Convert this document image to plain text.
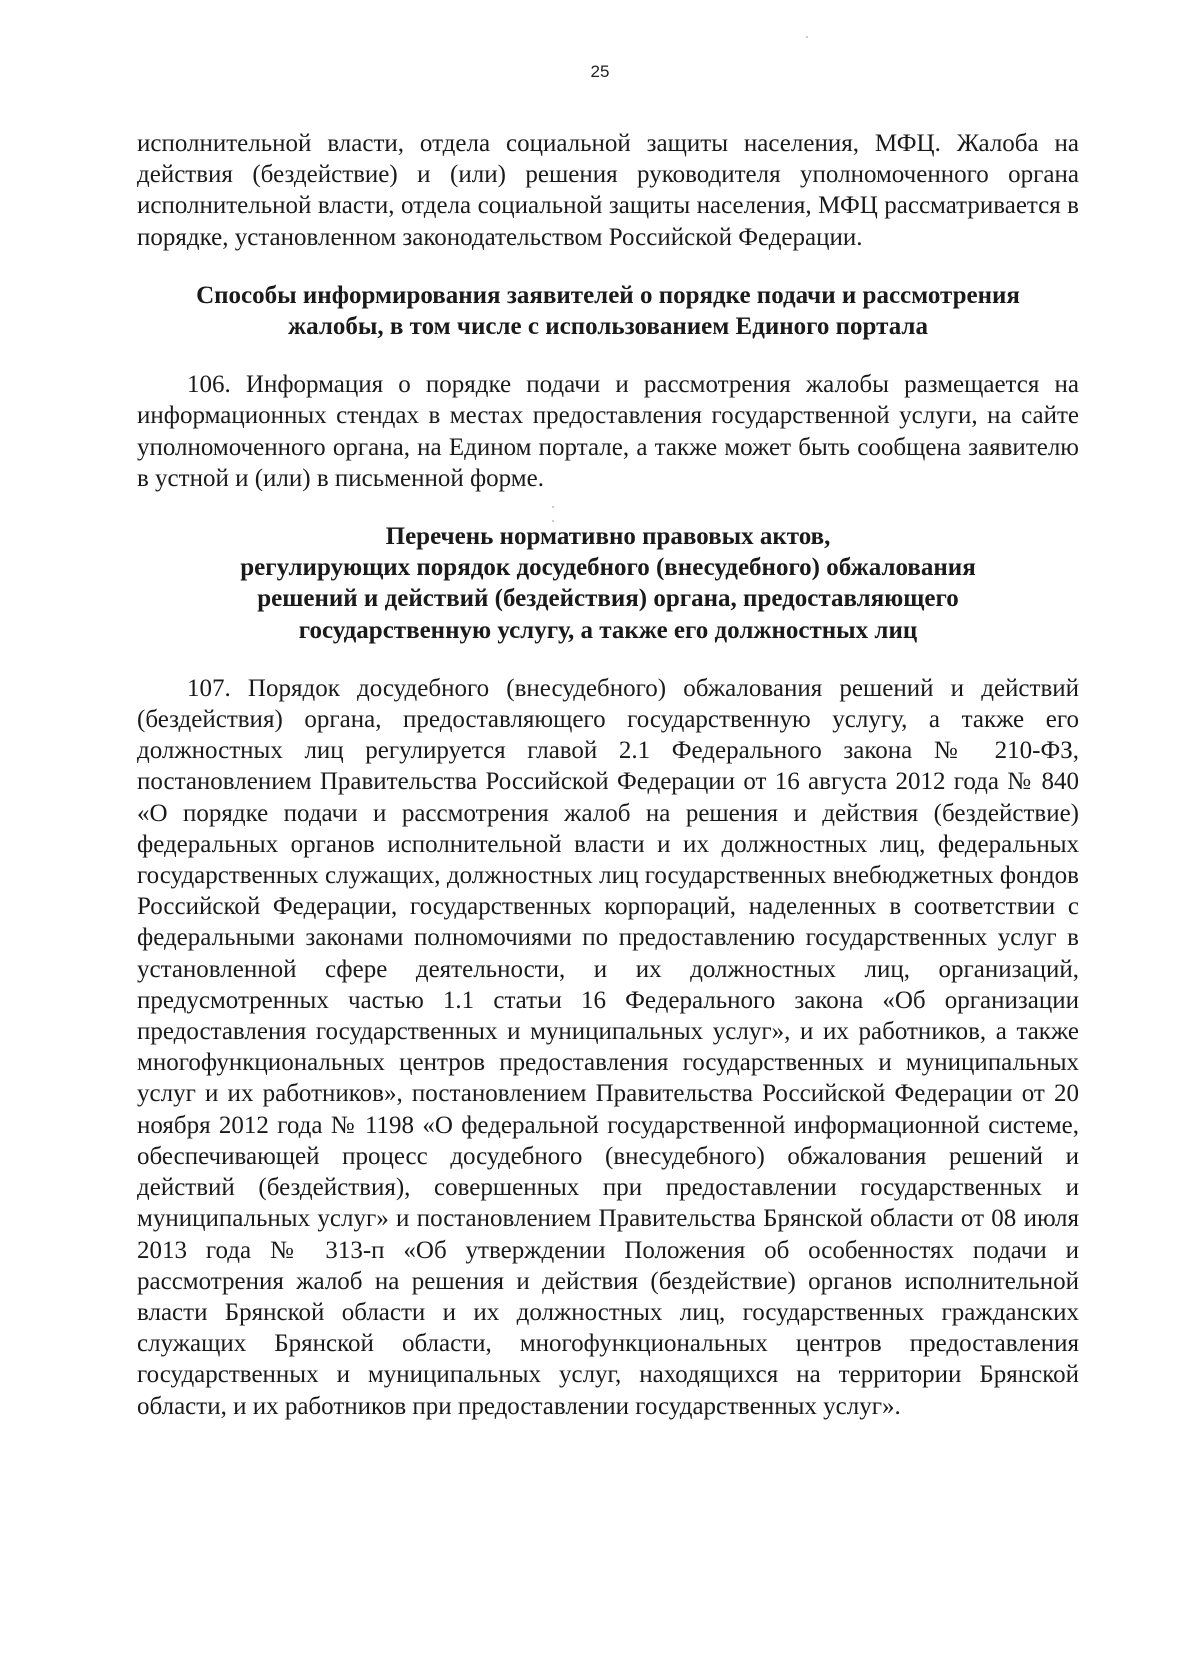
25

исполнительной власти, отдела социальной защиты населения, МФЦ. Жалоба на действия (бездействие) и (или) решения руководителя уполномоченного органа исполнительной власти, отдела социальной защиты населения, МФЦ рассматривается в порядке, установленном законодательством Российской Федерации.

Способы информирования заявителей о порядке подачи и рассмотрения
жалобы, в том числе с использованием Единого портала

106. Информация о порядке подачи и рассмотрения жалобы размещается на информационных стендах в местах предоставления государственной услуги, на сайте уполномоченного органа, на Едином портале, а также может быть сообщена заявителю в устной и (или) в письменной форме.

Перечень нормативно правовых актов,
регулирующих порядок досудебного (внесудебного) обжалования
решений и действий (бездействия) органа, предоставляющего
государственную услугу, а также его должностных лиц

107. Порядок досудебного (внесудебного) обжалования решений и действий (бездействия) органа, предоставляющего государственную услугу, а также его должностных лиц регулируется главой 2.1 Федерального закона № 210-ФЗ, постановлением Правительства Российской Федерации от 16 августа 2012 года № 840 «О порядке подачи и рассмотрения жалоб на решения и действия (бездействие) федеральных органов исполнительной власти и их должностных лиц, федеральных государственных служащих, должностных лиц государственных внебюджетных фондов Российской Федерации, государственных корпораций, наделенных в соответствии с федеральными законами полномочиями по предоставлению государственных услуг в установленной сфере деятельности, и их должностных лиц, организаций, предусмотренных частью 1.1 статьи 16 Федерального закона «Об организации предоставления государственных и муниципальных услуг», и их работников, а также многофункциональных центров предоставления государственных и муниципальных услуг и их работников», постановлением Правительства Российской Федерации от 20 ноября 2012 года № 1198 «О федеральной государственной информационной системе, обеспечивающей процесс досудебного (внесудебного) обжалования решений и действий (бездействия), совершенных при предоставлении государственных и муниципальных услуг» и постановлением Правительства Брянской области от 08 июля 2013 года № 313-п «Об утверждении Положения об особенностях подачи и рассмотрения жалоб на решения и действия (бездействие) органов исполнительной власти Брянской области и их должностных лиц, государственных гражданских служащих Брянской области, многофункциональных центров предоставления государственных и муниципальных услуг, находящихся на территории Брянской области, и их работников при предоставлении государственных услуг».
